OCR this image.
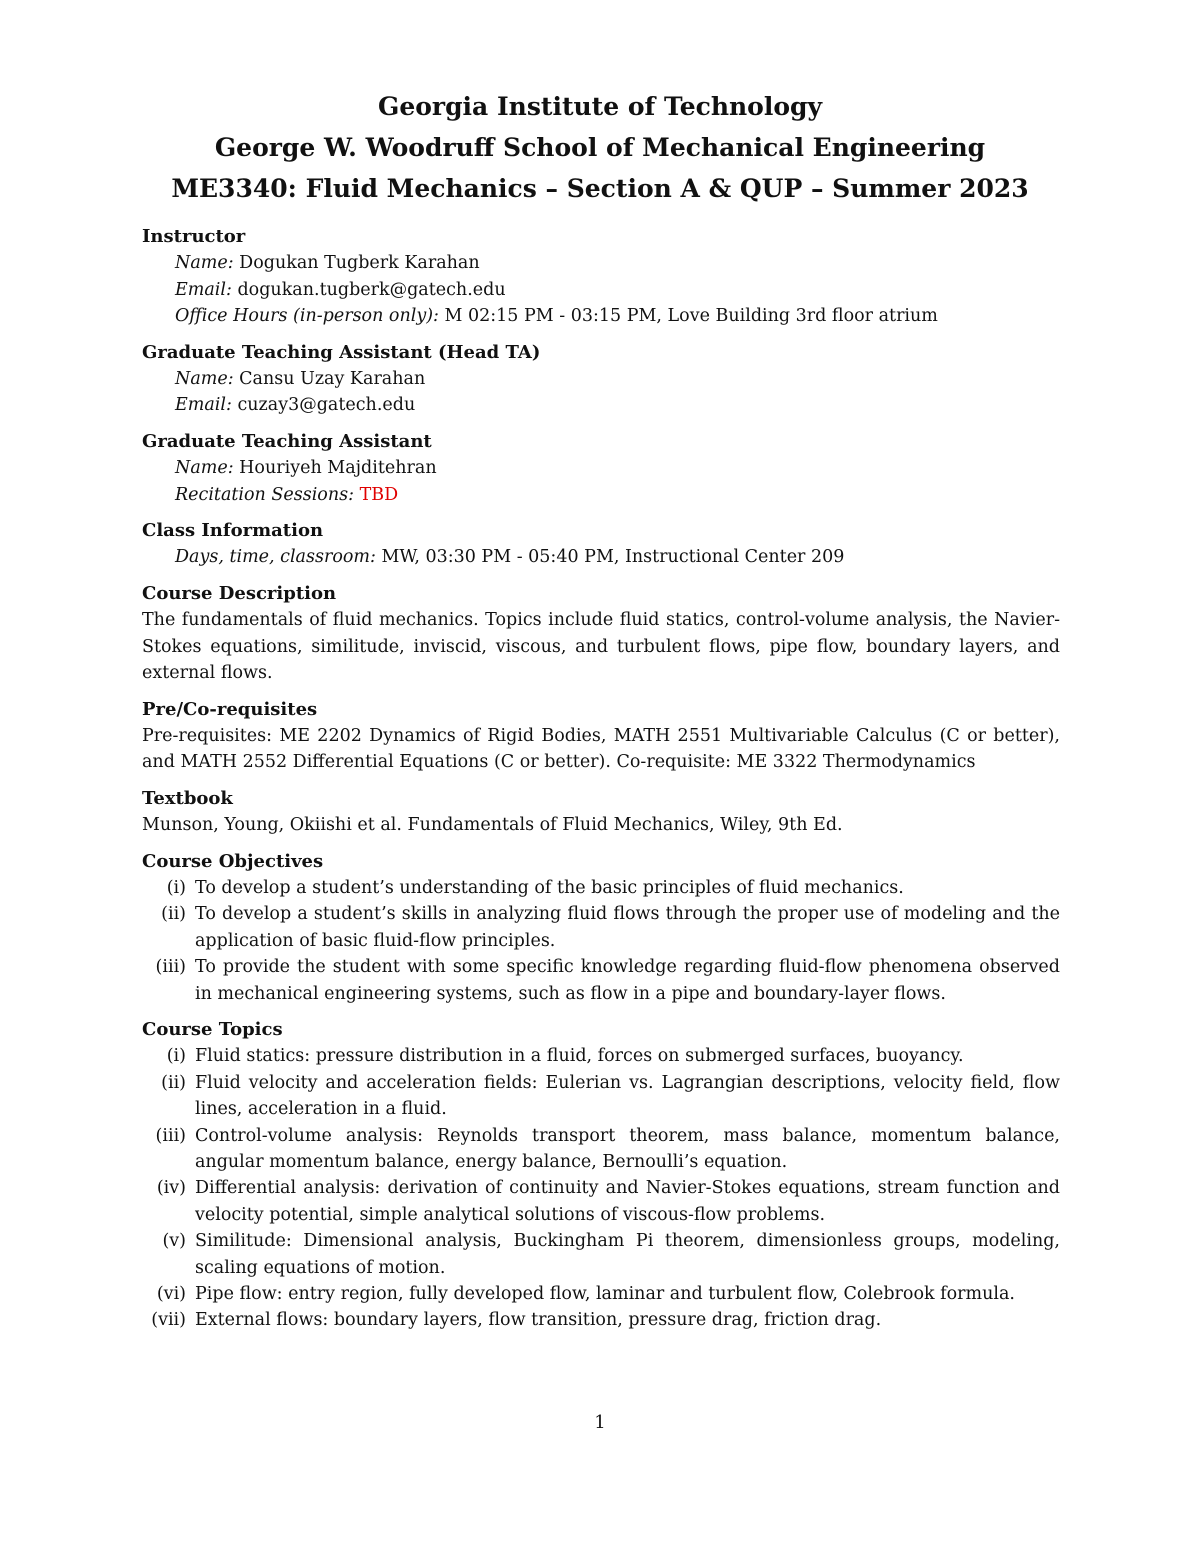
Georgia Institute of Technology
George W. Woodruff School of Mechanical Engineering
ME3340: Fluid Mechanics – Section A & QUP – Summer 2023
Instructor
Name: Dogukan Tugberk Karahan
Email: dogukan.tugberk@gatech.edu
Office Hours (in-person only): M 02:15 PM - 03:15 PM, Love Building 3rd floor atrium
Graduate Teaching Assistant (Head TA)
Name: Cansu Uzay Karahan
Email: cuzay3@gatech.edu
Graduate Teaching Assistant
Name: Houriyeh Majditehran
Recitation Sessions: TBD
Class Information
Days, time, classroom: MW, 03:30 PM - 05:40 PM, Instructional Center 209
Course Description
The fundamentals of fluid mechanics. Topics include fluid statics, control-volume analysis, the Navier-Stokes equations, similitude, inviscid, viscous, and turbulent flows, pipe flow, boundary layers, and external flows.
Pre/Co-requisites
Pre-requisites: ME 2202 Dynamics of Rigid Bodies, MATH 2551 Multivariable Calculus (C or better), and MATH 2552 Differential Equations (C or better). Co-requisite: ME 3322 Thermodynamics
Textbook
Munson, Young, Okiishi et al. Fundamentals of Fluid Mechanics, Wiley, 9th Ed.
Course Objectives
(i) To develop a student’s understanding of the basic principles of fluid mechanics.
(ii) To develop a student’s skills in analyzing fluid flows through the proper use of modeling and the application of basic fluid-flow principles.
(iii) To provide the student with some specific knowledge regarding fluid-flow phenomena observed in mechanical engineering systems, such as flow in a pipe and boundary-layer flows.
Course Topics
(i) Fluid statics: pressure distribution in a fluid, forces on submerged surfaces, buoyancy.
(ii) Fluid velocity and acceleration fields: Eulerian vs. Lagrangian descriptions, velocity field, flow lines, acceleration in a fluid.
(iii) Control-volume analysis: Reynolds transport theorem, mass balance, momentum balance, angular momentum balance, energy balance, Bernoulli’s equation.
(iv) Differential analysis: derivation of continuity and Navier-Stokes equations, stream function and velocity potential, simple analytical solutions of viscous-flow problems.
(v) Similitude: Dimensional analysis, Buckingham Pi theorem, dimensionless groups, modeling, scaling equations of motion.
(vi) Pipe flow: entry region, fully developed flow, laminar and turbulent flow, Colebrook formula.
(vii) External flows: boundary layers, flow transition, pressure drag, friction drag.
1
